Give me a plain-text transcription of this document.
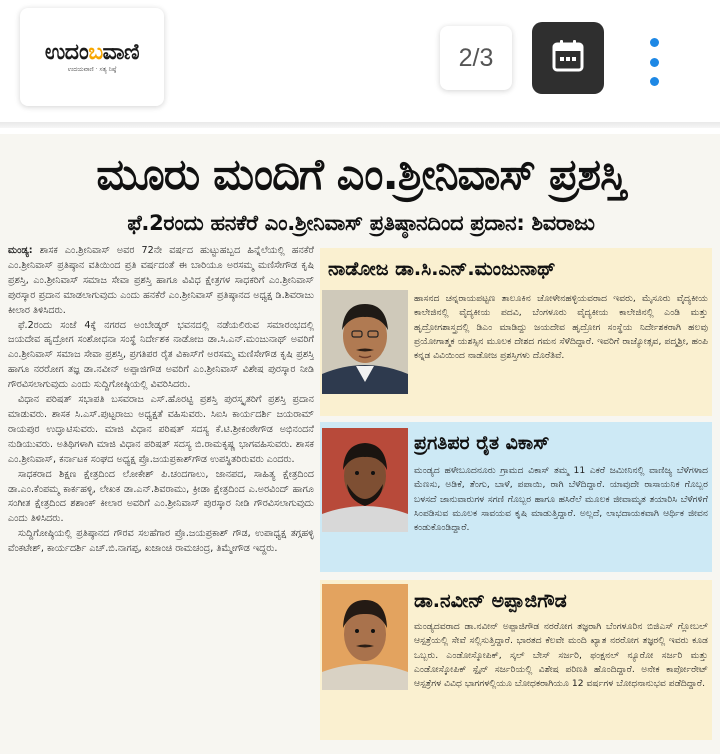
ಉದಂಬವಾಣಿ
ಉದಯವಾಣಿ · ಸತ್ಯ ನಿಷ್ಠೆ	2/3
ಮೂರು ಮಂದಿಗೆ ಎಂ.ಶ್ರೀನಿವಾಸ್ ಪ್ರಶಸ್ತಿ
ಫೆ.2ರಂದು ಹನಕೆರೆ ಎಂ.ಶ್ರೀನಿವಾಸ್ ಪ್ರತಿಷ್ಠಾನದಿಂದ ಪ್ರದಾನ: ಶಿವರಾಜು

ಮಂಡ್ಯ: ಶಾಸಕ ಎಂ.ಶ್ರೀನಿವಾಸ್ ಅವರ 72ನೇ ವರ್ಷದ ಹುಟ್ಟುಹಬ್ಬದ ಹಿನ್ನೆಲೆಯಲ್ಲಿ ಹನಕೆರೆ ಎಂ.ಶ್ರೀನಿವಾಸ್ ಪ್ರತಿಷ್ಠಾನ ವತಿಯಿಂದ ಪ್ರತಿ ವರ್ಷದಂತೆ ಈ ಬಾರಿಯೂ ಅರಸಮ್ಮ ಮಣಿಸೇಗೌಡ ಕೃಷಿ ಪ್ರಶಸ್ತಿ, ಎಂ.ಶ್ರೀನಿವಾಸ್ ಸಮಾಜ ಸೇವಾ ಪ್ರಶಸ್ತಿ ಹಾಗೂ ವಿವಿಧ ಕ್ಷೇತ್ರಗಳ ಸಾಧಕರಿಗೆ ಎಂ.ಶ್ರೀನಿವಾಸ್ ಪುರಸ್ಕಾರ ಪ್ರದಾನ ಮಾಡಲಾಗುವುದು ಎಂದು ಹನಕೆರೆ ಎಂ.ಶ್ರೀನಿವಾಸ್ ಪ್ರತಿಷ್ಠಾನದ ಅಧ್ಯಕ್ಷ ಡಿ.ಶಿವರಾಜು ಕೀಲಾರ ತಿಳಿಸಿದರು.

ಫೆ.2ರಂದು ಸಂಜೆ 4ಕ್ಕೆ ನಗರದ ಅಂಬೇಡ್ಕರ್ ಭವನದಲ್ಲಿ ನಡೆಯಲಿರುವ ಸಮಾರಂಭದಲ್ಲಿ ಜಯದೇವ ಹೃದ್ರೋಗ ಸಂಶೋಧನಾ ಸಂಸ್ಥೆ ನಿರ್ದೇಶಕ ನಾಡೋಜ ಡಾ.ಸಿ.ಎನ್.ಮಂಜುನಾಥ್ ಅವರಿಗೆ ಎಂ.ಶ್ರೀನಿವಾಸ್ ಸಮಾಜ ಸೇವಾ ಪ್ರಶಸ್ತಿ, ಪ್ರಗತಿಪರ ರೈತ ವಿಕಾಸ್‌ಗೆ ಅರಸಮ್ಮ ಮಣಿಸೇಗೌಡ ಕೃಷಿ ಪ್ರಶಸ್ತಿ ಹಾಗೂ ನರರೋಗ ತಜ್ಞ ಡಾ.ನವೀನ್ ಅಪ್ಪಾಜಿಗೌಡ ಅವರಿಗೆ ಎಂ.ಶ್ರೀನಿವಾಸ್ ವಿಶೇಷ ಪುರಸ್ಕಾರ ನೀಡಿ ಗೌರವಿಸಲಾಗುವುದು ಎಂದು ಸುದ್ದಿಗೋಷ್ಠಿಯಲ್ಲಿ ವಿವರಿಸಿದರು.

ವಿಧಾನ ಪರಿಷತ್ ಸಭಾಪತಿ ಬಸವರಾಜ ಎಸ್.ಹೊರಟ್ಟಿ ಪ್ರಶಸ್ತಿ ಪುರಸ್ಕೃತರಿಗೆ ಪ್ರಶಸ್ತಿ ಪ್ರದಾನ ಮಾಡುವರು. ಶಾಸಕ ಸಿ.ಎಸ್.ಪುಟ್ಟರಾಜು ಅಧ್ಯಕ್ಷತೆ ವಹಿಸುವರು. ಸಿಐಸಿ ಕಾರ್ಯದರ್ಶಿ ಜಯರಾಮ್ ರಾಯಪುರ ಉದ್ಘಾಟಿಸುವರು. ಮಾಜಿ ವಿಧಾನ ಪರಿಷತ್ ಸದಸ್ಯ ಕೆ.ಟಿ.ಶ್ರೀಕಂಠೇಗೌಡ ಅಭಿನಂದನೆ ನುಡಿಯುವರು. ಅತಿಥಿಗಳಾಗಿ ಮಾಜಿ ವಿಧಾನ ಪರಿಷತ್ ಸದಸ್ಯ ಬಿ.ರಾಮಕೃಷ್ಣ ಭಾಗವಹಿಸುವರು. ಶಾಸಕ ಎಂ.ಶ್ರೀನಿವಾಸ್, ಕರ್ನಾಟಕ ಸಂಘದ ಅಧ್ಯಕ್ಷ ಪ್ರೊ.ಜಯಪ್ರಕಾಶ್‌ಗೌಡ ಉಪಸ್ಥಿತರಿರುವರು ಎಂದರು.

ಸಾಧಕರಾದ ಶಿಕ್ಷಣ ಕ್ಷೇತ್ರದಿಂದ ಲೋಕೇಶ್ ಪಿ.ಚಂದಗಾಲು, ಜಾನಪದ, ಸಾಹಿತ್ಯ ಕ್ಷೇತ್ರದಿಂದ ಡಾ.ಎಂ.ಕೆಂಪಮ್ಮ ಕಾರ್ಕಹಳ್ಳಿ, ಲೇಖಕ ಡಾ.ಎನ್.ಶಿವರಾಮು, ಕ್ರೀಡಾ ಕ್ಷೇತ್ರದಿಂದ ಎ.ಅರವಿಂದ್ ಹಾಗೂ ಸಂಗೀತ ಕ್ಷೇತ್ರದಿಂದ ಶಶಾಂಕ್ ಕೀಲಾರ ಅವರಿಗೆ ಎಂ.ಶ್ರೀನಿವಾಸ್ ಪುರಸ್ಕಾರ ನೀಡಿ ಗೌರವಿಸಲಾಗುವುದು ಎಂದು ತಿಳಿಸಿದರು.

ಸುದ್ದಿಗೋಷ್ಠಿಯಲ್ಲಿ ಪ್ರತಿಷ್ಠಾನದ ಗೌರವ ಸಲಹೆಗಾರ ಪ್ರೊ.ಜಯಪ್ರಕಾಶ್ ಗೌಡ, ಉಪಾಧ್ಯಕ್ಷ ತಗ್ಗಹಳ್ಳಿ ವೆಂಕಟೇಶ್, ಕಾರ್ಯದರ್ಶಿ ಎಚ್.ಬಿ.ನಾಗಪ್ಪ, ಖಜಾಂಚಿ ರಾಮಚಂದ್ರ, ತಿಮ್ಮೇಗೌಡ ಇದ್ದರು.

ನಾಡೋಜ ಡಾ.ಸಿ.ಎನ್.ಮಂಜುನಾಥ್
ಹಾಸನದ ಚನ್ನರಾಯಪಟ್ಟಣ ತಾಲೂಕಿನ ಚೋಳೇನಹಳ್ಳಿಯವರಾದ ಇವರು, ಮೈಸೂರು ವೈದ್ಯಕೀಯ ಕಾಲೇಜಿನಲ್ಲಿ ವೈದ್ಯಕೀಯ ಪದವಿ, ಬೆಂಗಳೂರು ವೈದ್ಯಕೀಯ ಕಾಲೇಜಿನಲ್ಲಿ ಎಂಡಿ ಮತ್ತು ಹೃದ್ರೋಗಶಾಸ್ತ್ರದಲ್ಲಿ ಡಿಎಂ ಮಾಡಿದ್ದು ಜಯದೇವ ಹೃದ್ರೋಗ ಸಂಸ್ಥೆಯ ನಿರ್ದೇಶಕರಾಗಿ ಹಲವು ಪ್ರಯೋಗಾತ್ಮಕ ಯಶಸ್ಸಿನ ಮೂಲಕ ದೇಶದ ಗಮನ ಸೆಳೆದಿದ್ದಾರೆ. ಇವರಿಗೆ ರಾಜ್ಯೋತ್ಸವ, ಪದ್ಮಶ್ರೀ, ಹಂಪಿ ಕನ್ನಡ ವಿವಿಯಿಂದ ನಾಡೋಜ ಪ್ರಶಸ್ತಿಗಳು ದೊರೆತಿವೆ.
ಪ್ರಗತಿಪರ ರೈತ ವಿಕಾಸ್
ಮಂಡ್ಯದ ಹಳೇಬೂದನೂರು ಗ್ರಾಮದ ವಿಕಾಸ್ ತಮ್ಮ 11 ಎಕರೆ ಜಮೀನಿನಲ್ಲಿ ವಾಣಿಜ್ಯ ಬೆಳೆಗಳಾದ ಮೆಣಸು, ಅಡಿಕೆ, ತೆಂಗು, ಬಾಳೆ, ಪಪಾಯಿ, ರಾಗಿ ಬೆಳೆದಿದ್ದಾರೆ. ಯಾವುದೇ ರಾಸಾಯನಿಕ ಗೊಬ್ಬರ ಬಳಸದೆ ಜಾನುವಾರುಗಳ ಸಗಣಿ ಗೊಬ್ಬರ ಹಾಗೂ ಹಸಿರೆಲೆ ಮೂಲಕ ಜೀವಾಮೃತ ತಯಾರಿಸಿ ಬೆಳೆಗಳಿಗೆ ಸಿಂಪಡಿಸುವ ಮೂಲಕ ಸಾವಯವ ಕೃಷಿ ಮಾಡುತ್ತಿದ್ದಾರೆ. ಅಲ್ಲದೆ, ಲಾಭದಾಯಕವಾಗಿ ಆರ್ಥಿಕ ಜೀವನ ಕಂಡುಕೊಂಡಿದ್ದಾರೆ.
ಡಾ.ನವೀನ್ ಅಪ್ಪಾಜಿಗೌಡ
ಮಂಡ್ಯದವರಾದ ಡಾ.ನವೀನ್ ಅಪ್ಪಾಜಿಗೌಡ ನರರೋಗ ತಜ್ಞರಾಗಿ ಬೆಂಗಳೂರಿನ ಬಿಜಿಎಸ್ ಗ್ಲೋಬಲ್ ಆಸ್ಪತ್ರೆಯಲ್ಲಿ ಸೇವೆ ಸಲ್ಲಿಸುತ್ತಿದ್ದಾರೆ. ಭಾರತದ ಕೆಲವೇ ಮಂದಿ ಖ್ಯಾತ ನರರೋಗ ತಜ್ಞರಲ್ಲಿ ಇವರು ಕೂಡ ಒಬ್ಬರು. ಎಂಡೋಸ್ಕೋಪಿಕ್, ಸ್ಕಲ್ ಬೇಸ್ ಸರ್ಜರಿ, ಫಂಕ್ಷನಲ್ ನ್ಯೂರೋ ಸರ್ಜರಿ ಮತ್ತು ಎಂಡೋಸ್ಕೋಪಿಕ್ ಸ್ಪೈನ್ ಸರ್ಜರಿಯಲ್ಲಿ ವಿಶೇಷ ಪರಿಣತಿ ಹೊಂದಿದ್ದಾರೆ. ಅನೇಕ ಕಾರ್ಪೋರೇಟ್ ಆಸ್ಪತ್ರೆಗಳ ವಿವಿಧ ಭಾಗಗಳಲ್ಲಿಯೂ ಬೋಧಕರಾಗಿಯೂ 12 ವರ್ಷಗಳ ಬೋಧನಾನುಭವ ಪಡೆದಿದ್ದಾರೆ.
